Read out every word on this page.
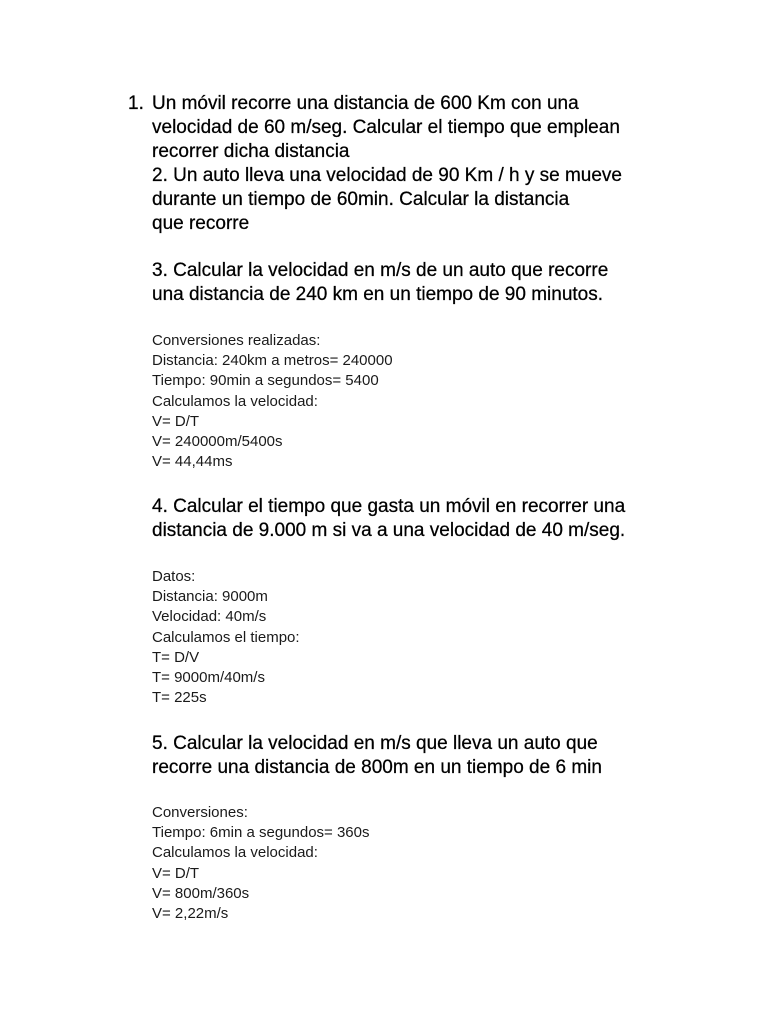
1. Un móvil recorre una distancia de 600 Km con una
velocidad de 60 m/seg. Calcular el tiempo que emplean
recorrer dicha distancia
2. Un auto lleva una velocidad de 90 Km / h y se mueve
durante un tiempo de 60min. Calcular la distancia
que recorre
3. Calcular la velocidad en m/s de un auto que recorre
una distancia de 240 km en un tiempo de 90 minutos.
Conversiones realizadas:
Distancia: 240km a metros= 240000
Tiempo: 90min a segundos= 5400
Calculamos la velocidad:
V= D/T
V= 240000m/5400s
V= 44,44ms
4. Calcular el tiempo que gasta un móvil en recorrer una
distancia de 9.000 m si va a una velocidad de 40 m/seg.
Datos:
Distancia: 9000m
Velocidad: 40m/s
Calculamos el tiempo:
T= D/V
T= 9000m/40m/s
T= 225s
5. Calcular la velocidad en m/s que lleva un auto que
recorre una distancia de 800m en un tiempo de 6 min
Conversiones:
Tiempo: 6min a segundos= 360s
Calculamos la velocidad:
V= D/T
V= 800m/360s
V= 2,22m/s
